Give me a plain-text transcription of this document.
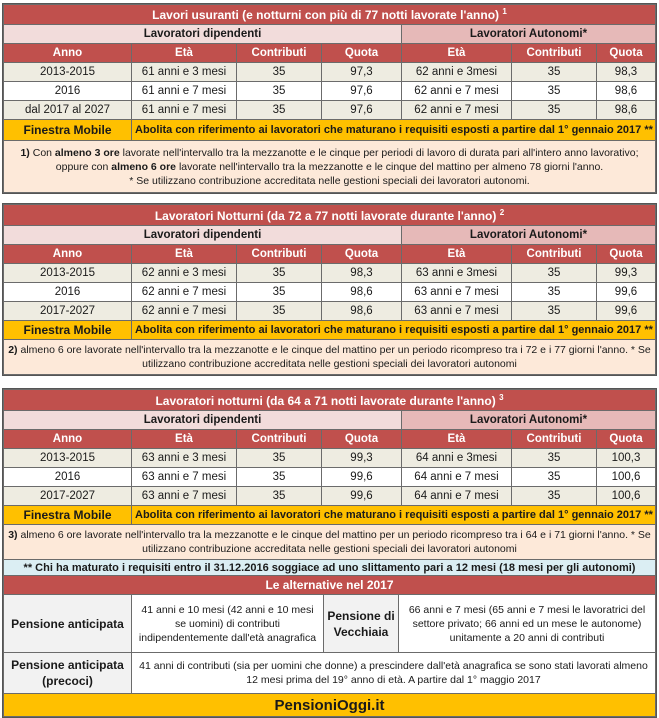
Lavori usuranti (e notturni con più di 77 notti lavorate l'anno) $^1$
Lavoratori dipendenti				Lavoratori Autonomi*		
Anno	Età	Contributi	Quota	Età	Contributi	Quota
2013-2015	61 anni e 3 mesi	35	97,3	62 anni e 3mesi	35	98,3
2016	61 anni e 7 mesi	35	97,6	62 anni e 7 mesi	35	98,6
dal 2017 al 2027	61 anni e 7 mesi	35	97,6	62 anni e 7 mesi	35	98,6
Finestra Mobile	Abolita con riferimento ai lavoratori che maturano i requisiti esposti a partire dal 1° gennaio 2017 **					
1) Con almeno 3 ore lavorate nell'intervallo tra la mezzanotte e le cinque per periodi di lavoro di durata pari all'intero anno lavorativo; oppure con almeno 6 ore lavorate nell'intervallo tra la mezzanotte e le cinque del mattino per almeno 78 giorni l'anno.
* Se utilizzano contribuzione accreditata nelle gestioni speciali dei lavoratori autonomi.						
Lavoratori Notturni (da 72 a 77 notti lavorate durante l'anno) $^2$
Lavoratori dipendenti				Lavoratori Autonomi*		
Anno	Età	Contributi	Quota	Età	Contributi	Quota
2013-2015	62 anni e 3 mesi	35	98,3	63 anni e 3mesi	35	99,3
2016	62 anni e 7 mesi	35	98,6	63 anni e 7 mesi	35	99,6
2017-2027	62 anni e 7 mesi	35	98,6	63 anni e 7 mesi	35	99,6
Finestra Mobile	Abolita con riferimento ai lavoratori che maturano i requisiti esposti a partire dal 1° gennaio 2017 **					
2) almeno 6 ore lavorate nell'intervallo tra la mezzanotte e le cinque del mattino per un periodo ricompreso tra i 72 e i 77 giorni l'anno. * Se utilizzano contribuzione accreditata nelle gestioni speciali dei lavoratori autonomi						
Lavoratori notturni (da 64 a 71 notti lavorate durante l'anno) $^3$
Lavoratori dipendenti				Lavoratori Autonomi*		
Anno	Età	Contributi	Quota	Età	Contributi	Quota
2013-2015	63 anni e 3 mesi	35	99,3	64 anni e 3mesi	35	100,3
2016	63 anni e 7 mesi	35	99,6	64 anni e 7 mesi	35	100,6
2017-2027	63 anni e 7 mesi	35	99,6	64 anni e 7 mesi	35	100,6
Finestra Mobile	Abolita con riferimento ai lavoratori che maturano i requisiti esposti a partire dal 1° gennaio 2017 **					
3) almeno 6 ore lavorate nell'intervallo tra la mezzanotte e le cinque del mattino per un periodo ricompreso tra i 64 e i 71 giorni l'anno. * Se utilizzano contribuzione accreditata nelle gestioni speciali dei lavoratori autonomi						
** Chi ha maturato i requisiti entro il 31.12.2016 soggiace ad uno slittamento pari a 12 mesi (18 mesi per gli autonomi)						
Le alternative nel 2017			
Pensione anticipata	41 anni e 10 mesi (42 anni e 10 mesi se uomini) di contributi indipendentemente dall'età anagrafica	Pensione di Vecchiaia	66 anni e 7 mesi (65 anni e 7 mesi le lavoratrici del settore privato; 66 anni ed un mese le autonome) unitamente a 20 anni di contributi
Pensione anticipata
(precoci)	41 anni di contributi (sia per uomini che donne) a prescindere dall'età anagrafica se sono stati lavorati almeno 12 mesi prima del 19° anno di età. A partire dal 1° maggio 2017		
PensioniOggi.it			
